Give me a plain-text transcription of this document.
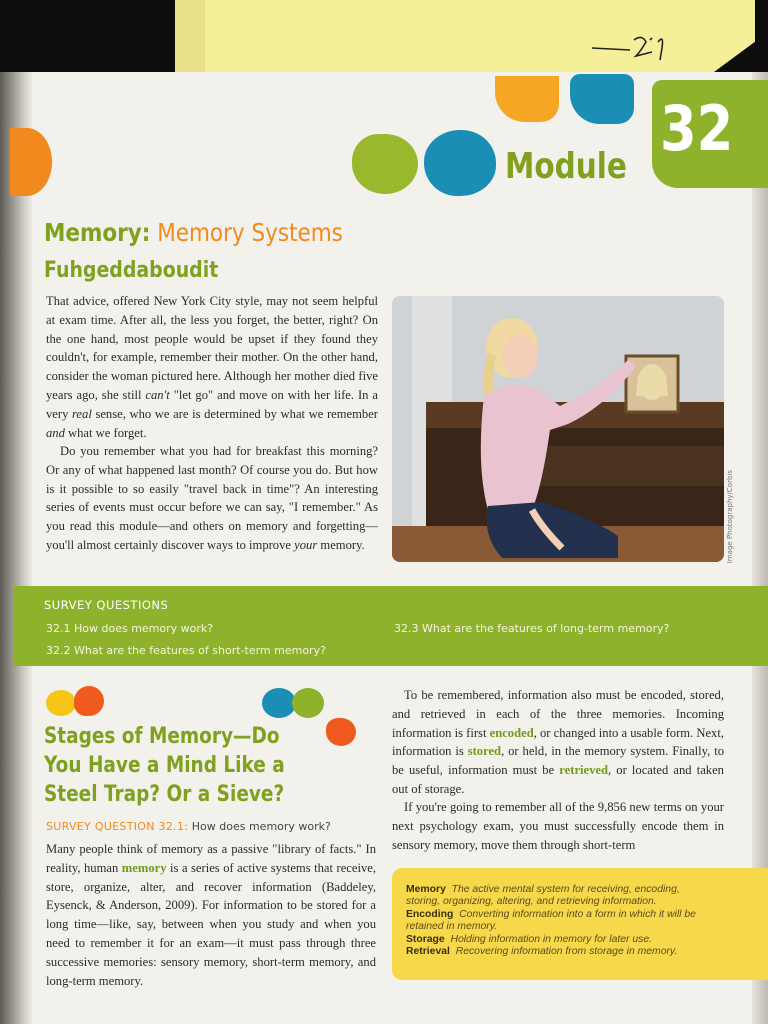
Module
32
Memory: Memory Systems
Fuhgeddaboudit
That advice, offered New York City style, may not seem helpful at exam time. After all, the less you forget, the better, right? On the one hand, most people would be upset if they found they couldn't, for example, remember their mother. On the other hand, consider the woman pictured here. Although her mother died five years ago, she still can't "let go" and move on with her life. In a very real sense, who we are is determined by what we remember and what we forget.
Do you remember what you had for breakfast this morning? Or any of what happened last month? Of course you do. But how is it possible to so easily "travel back in time"? An interesting series of events must occur before we can say, "I remember." As you read this module—and others on memory and forgetting—you'll almost certainly discover ways to improve your memory.	Image Photography/Corbis
SURVEY QUESTIONS
32.1 How does memory work?
32.2 What are the features of short-term memory?
32.3 What are the features of long-term memory?
Stages of Memory—Do You Have a Mind Like a Steel Trap? Or a Sieve?
SURVEY QUESTION 32.1: How does memory work?
Many people think of memory as a passive "library of facts." In reality, human memory is a series of active systems that receive, store, organize, alter, and recover information (Baddeley, Eysenck, & Anderson, 2009). For information to be stored for a long time—like, say, between when you study and when you need to remember it for an exam—it must pass through three successive memories: sensory memory, short-term memory, and long-term memory.
To be remembered, information also must be encoded, stored, and retrieved in each of the three memories. Incoming information is first encoded, or changed into a usable form. Next, information is stored, or held, in the memory system. Finally, to be useful, information must be retrieved, or located and taken out of storage.
If you're going to remember all of the 9,856 new terms on your next psychology exam, you must successfully encode them in sensory memory, move them through short-term
Memory The active mental system for receiving, encoding, storing, organizing, altering, and retrieving information.
Encoding Converting information into a form in which it will be retained in memory.
Storage Holding information in memory for later use.
Retrieval Recovering information from storage in memory.
